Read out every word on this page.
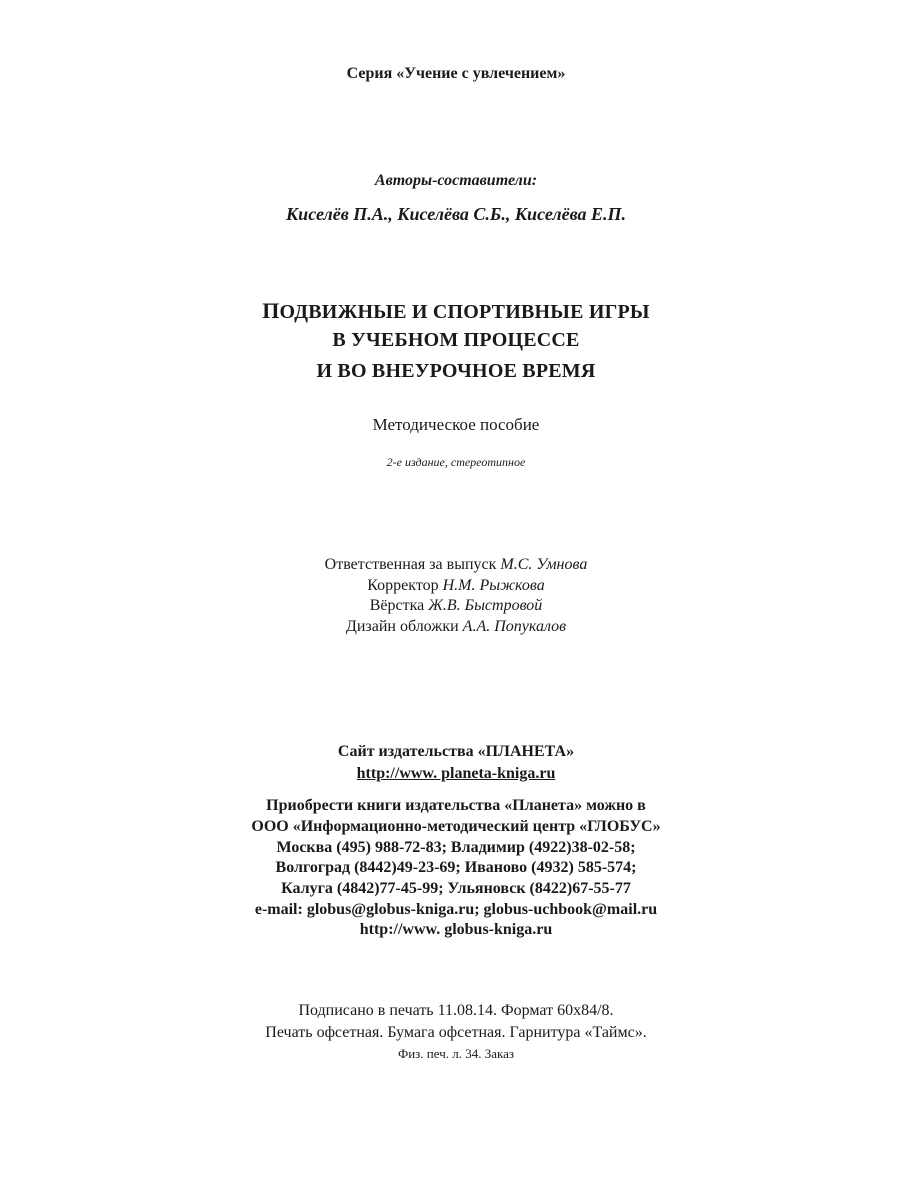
Серия «Учение с увлечением»
Авторы-составители:
Киселёв П.А., Киселёва С.Б., Киселёва Е.П.
ПОДВИЖНЫЕ И СПОРТИВНЫЕ ИГРЫ
В УЧЕБНОМ ПРОЦЕССЕ
И ВО ВНЕУРОЧНОЕ ВРЕМЯ
Методическое пособие
2-е издание, стереотипное
Ответственная за выпуск М.С. Умнова
Корректор Н.М. Рыжкова
Вёрстка Ж.В. Быстровой
Дизайн обложки А.А. Попукалов
Сайт издательства «ПЛАНЕТА»
http://www. planeta-kniga.ru
Приобрести книги издательства «Планета» можно в
ООО «Информационно-методический центр «ГЛОБУС»
Москва (495) 988-72-83; Владимир (4922)38-02-58;
Волгоград (8442)49-23-69; Иваново (4932) 585-574;
Калуга (4842)77-45-99; Ульяновск (8422)67-55-77
e-mail: globus@globus-kniga.ru; globus-uchbook@mail.ru
http://www. globus-kniga.ru
Подписано в печать 11.08.14. Формат 60х84/8.
Печать офсетная. Бумага офсетная. Гарнитура «Таймс».
Физ. печ. л. 34. Заказ
